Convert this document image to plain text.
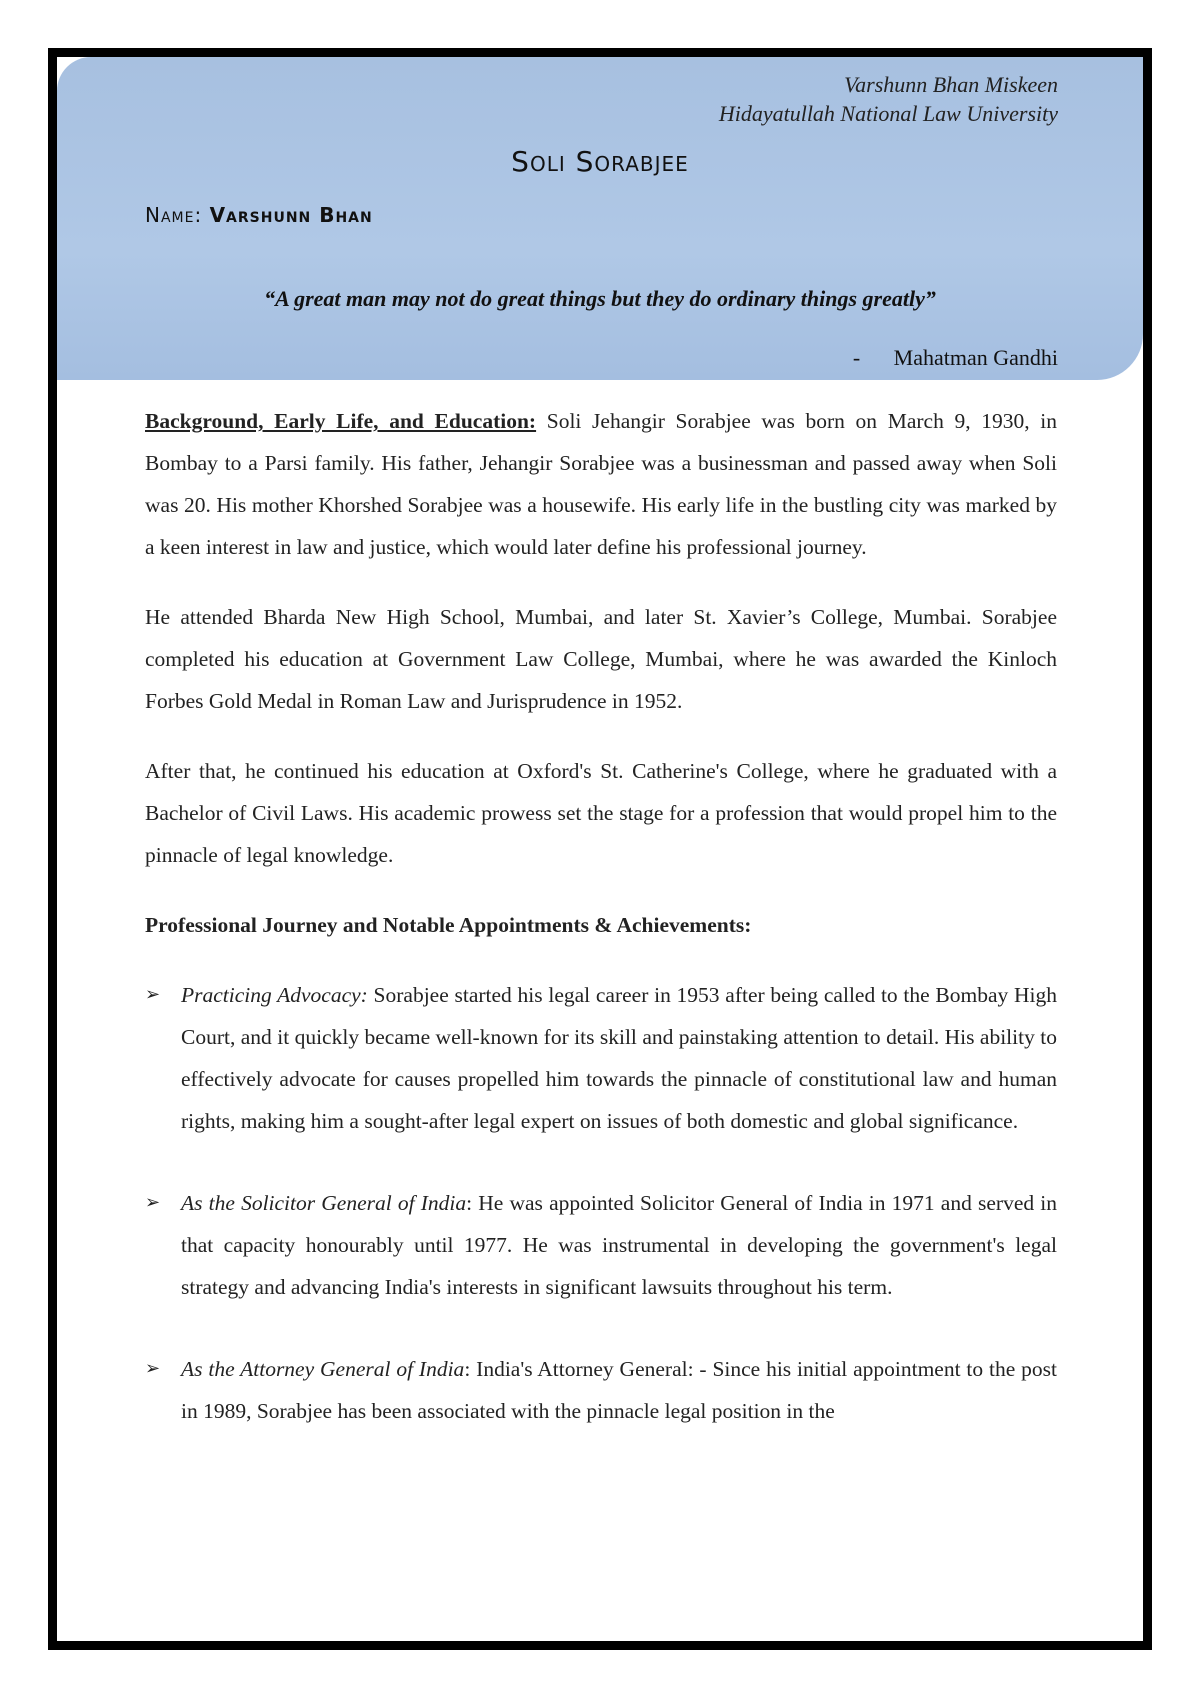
Varshunn Bhan Miskeen
Hidayatullah National Law University
Soli Sorabjee
Name: Varshunn Bhan
“A great man may not do great things but they do ordinary things greatly”
- Mahatman Gandhi

Background, Early Life, and Education: Soli Jehangir Sorabjee was born on March 9, 1930, in Bombay to a Parsi family. His father, Jehangir Sorabjee was a businessman and passed away when Soli was 20. His mother Khorshed Sorabjee was a housewife. His early life in the bustling city was marked by a keen interest in law and justice, which would later define his professional journey.

He attended Bharda New High School, Mumbai, and later St. Xavier’s College, Mumbai. Sorabjee completed his education at Government Law College, Mumbai, where he was awarded the Kinloch Forbes Gold Medal in Roman Law and Jurisprudence in 1952.

After that, he continued his education at Oxford's St. Catherine's College, where he graduated with a Bachelor of Civil Laws. His academic prowess set the stage for a profession that would propel him to the pinnacle of legal knowledge.

Professional Journey and Notable Appointments & Achievements:
➢ Practicing Advocacy: Sorabjee started his legal career in 1953 after being called to the Bombay High Court, and it quickly became well-known for its skill and painstaking attention to detail. His ability to effectively advocate for causes propelled him towards the pinnacle of constitutional law and human rights, making him a sought-after legal expert on issues of both domestic and global significance.
➢ As the Solicitor General of India: He was appointed Solicitor General of India in 1971 and served in that capacity honourably until 1977. He was instrumental in developing the government's legal strategy and advancing India's interests in significant lawsuits throughout his term.
➢ As the Attorney General of India: India's Attorney General: - Since his initial appointment to the post in 1989, Sorabjee has been associated with the pinnacle legal position in the
